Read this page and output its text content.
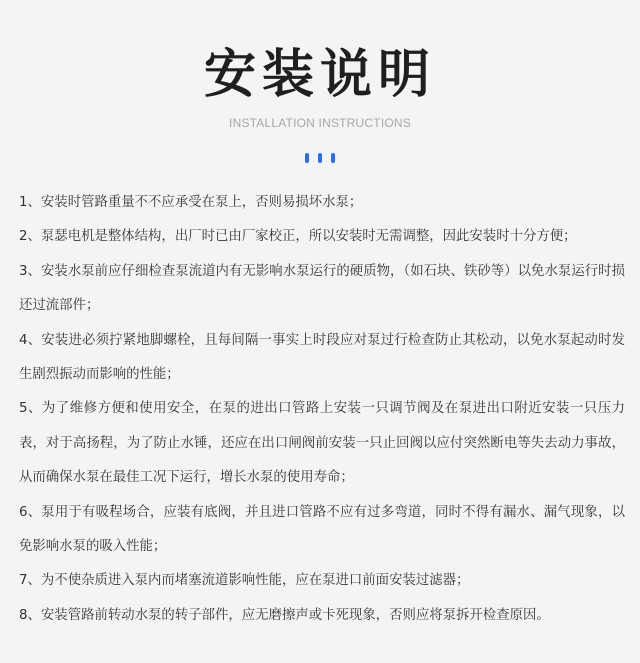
安装说明
INSTALLATION INSTRUCTIONS

1、安装时管路重量不不应承受在泵上，否则易损坏水泵；

2、泵瑟电机是整体结构，出厂时已由厂家校正，所以安装时无需调整，因此安装时十分方便；

3、安装水泵前应仔细检查泵流道内有无影响水泵运行的硬质物，（如石块、铁砂等）以免水泵运行时损还过流部件；

4、安装进必须拧紧地脚螺栓，且每间隔一事实上时段应对泵过行检查防止其松动，以免水泵起动时发生剧烈振动而影响的性能；

5、为了维修方便和使用安全，在泵的进出口管路上安装一只调节阀及在泵进出口附近安装一只压力表，对于高扬程，为了防止水锤，还应在出口闸阀前安装一只止回阀以应付突然断电等失去动力事故，从而确保水泵在最佳工况下运行，增长水泵的使用寿命；

6、泵用于有吸程场合，应装有底阀，并且进口管路不应有过多弯道，同时不得有漏水、漏气现象，以免影响水泵的吸入性能；

7、为不使杂质进入泵内而堵塞流道影响性能，应在泵进口前面安装过滤器；

8、安装管路前转动水泵的转子部件，应无磨擦声或卡死现象，否则应将泵拆开检查原因。
